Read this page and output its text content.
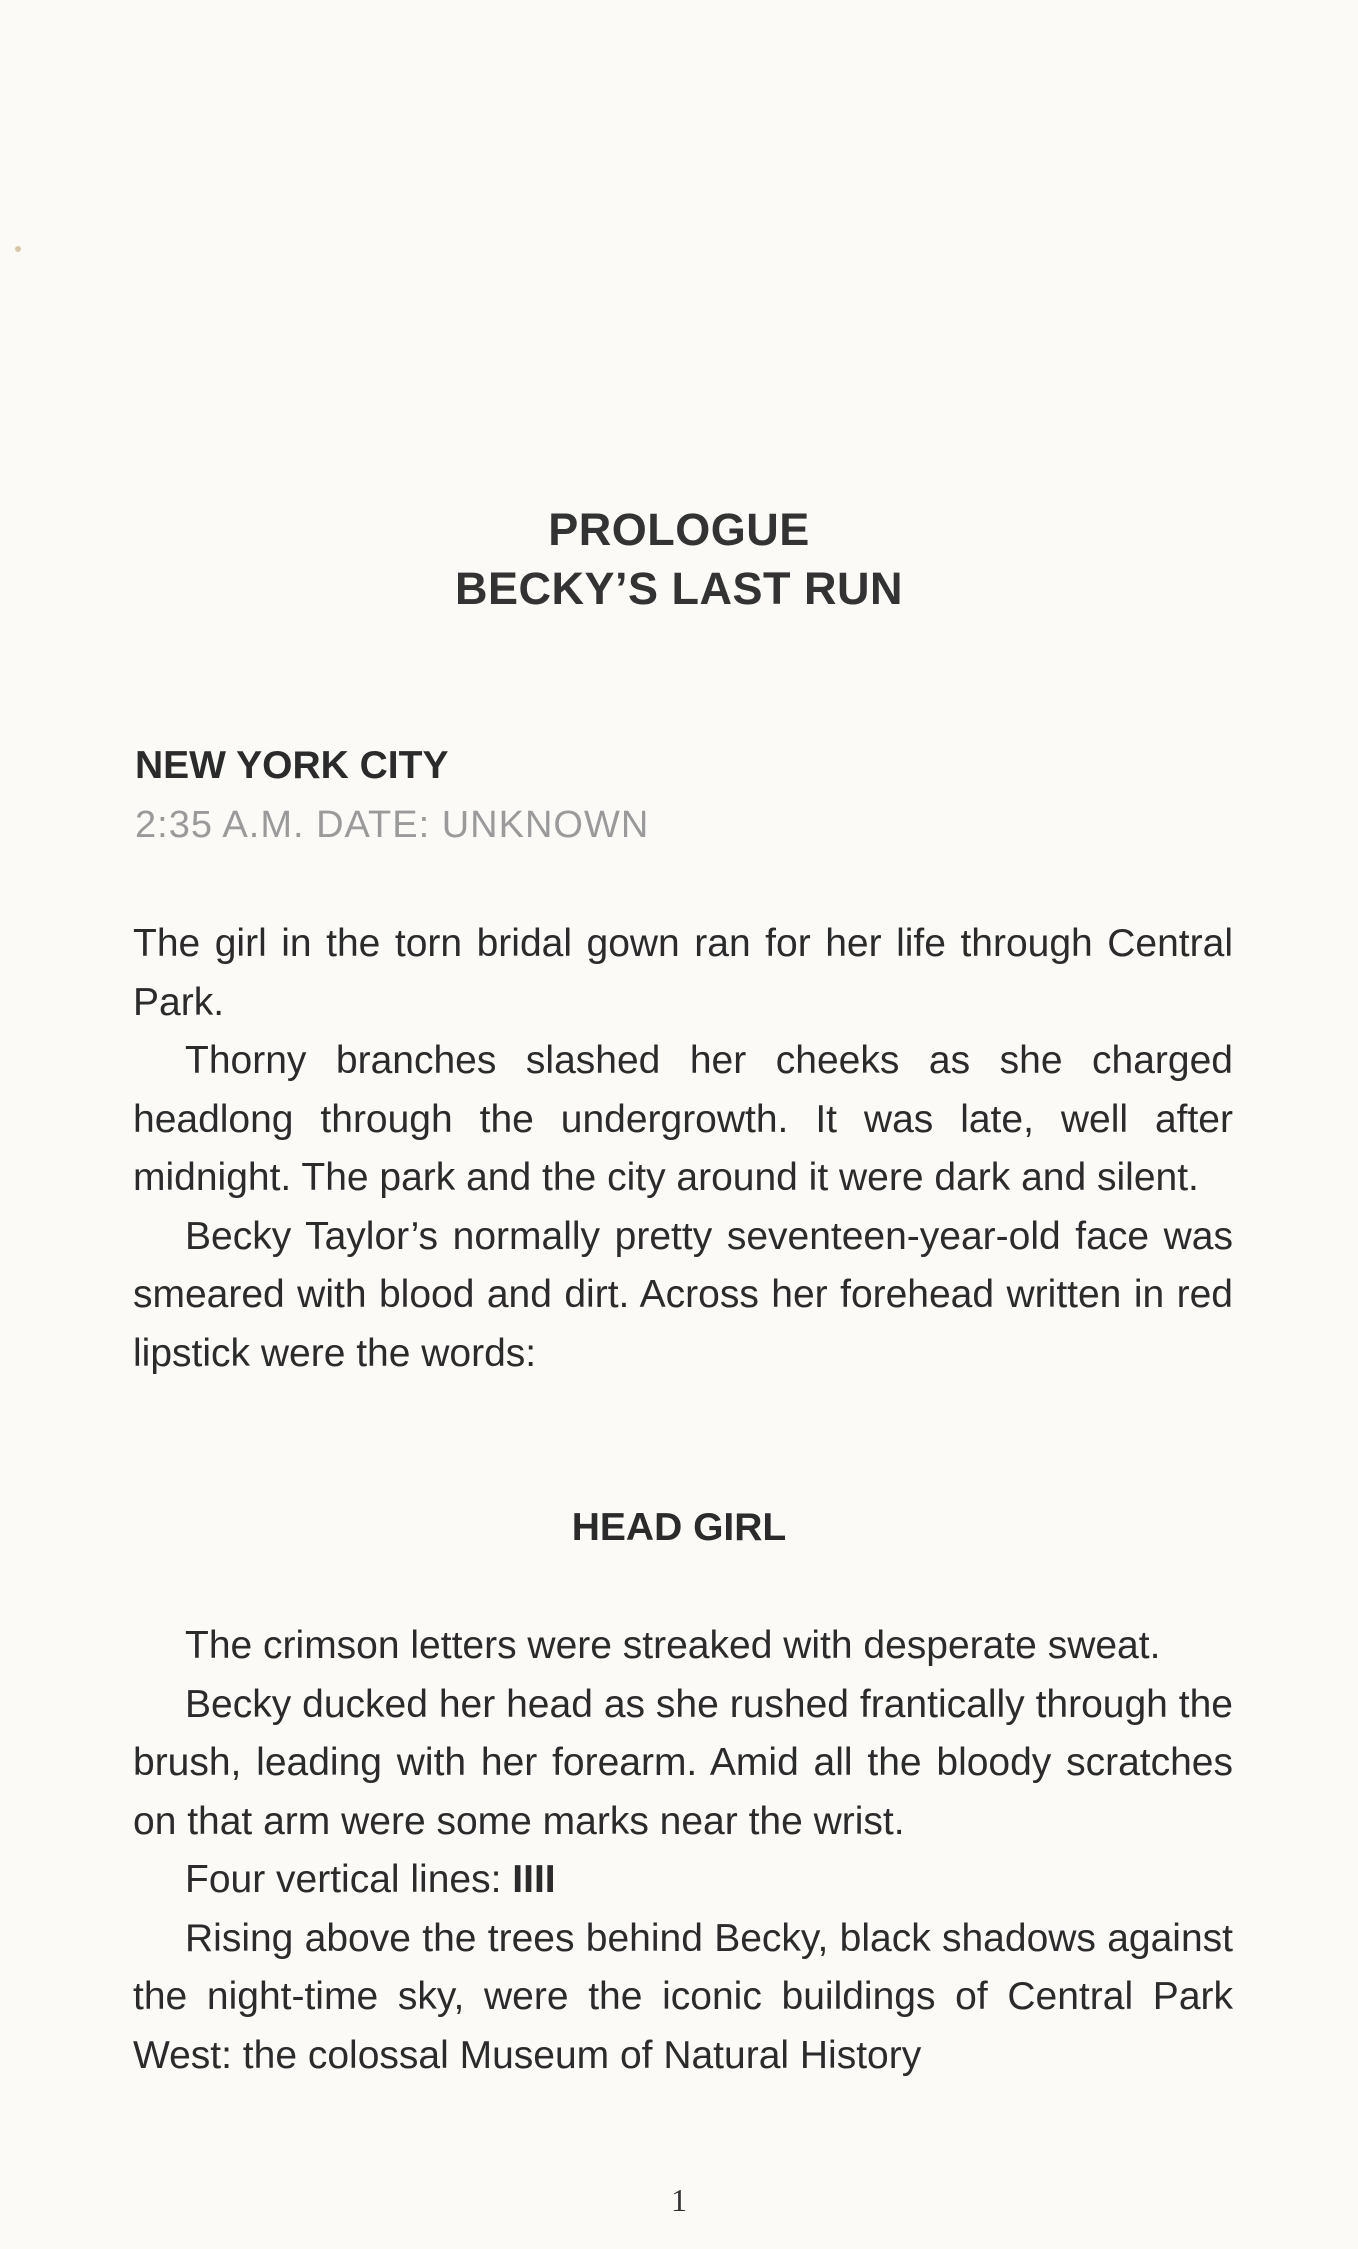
PROLOGUE
BECKY’S LAST RUN
NEW YORK CITY
2:35 A.M. DATE: UNKNOWN

The girl in the torn bridal gown ran for her life through Central Park.

Thorny branches slashed her cheeks as she charged headlong through the undergrowth. It was late, well after midnight. The park and the city around it were dark and silent.

Becky Taylor’s normally pretty seventeen-year-old face was smeared with blood and dirt. Across her forehead written in red lipstick were the words:

HEAD GIRL

The crimson letters were streaked with desperate sweat.

Becky ducked her head as she rushed frantically through the brush, leading with her forearm. Amid all the bloody scratches on that arm were some marks near the wrist.

Four vertical lines: IIII

Rising above the trees behind Becky, black shadows against the night-time sky, were the iconic buildings of Central Park West: the colossal Museum of Natural History

1
